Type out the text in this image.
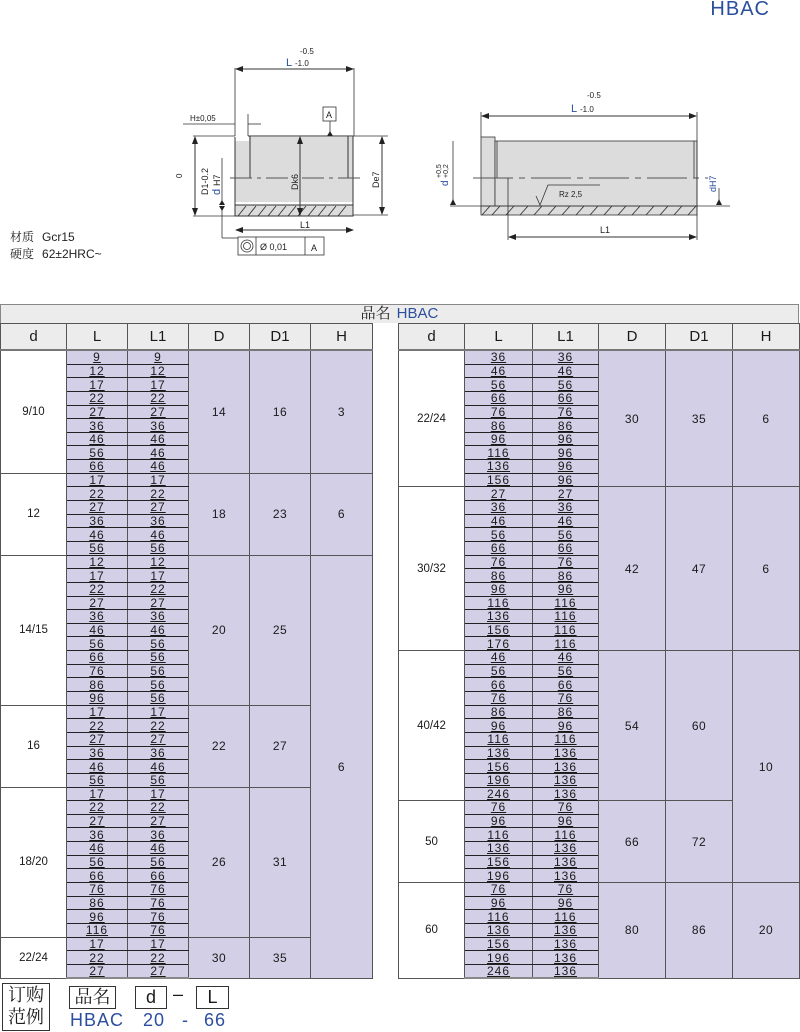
HBAC
材质 Gcr15
硬度 62±2HRC~
L -1.0
-0.5
H±0,05	A
0 D1-0.2 d
H7	Dk6	De7
L1
Ø 0,01	A
L -1.0
-0.5
d
+0,5 +0,2
dH7
Rz 2,5
L1
品名 HBAC
d	L	L1	D	D1	H
9/10	9	9	14	16	3
	12	12			
	17	17			
	22	22			
	27	27			
	36	36			
	46	46			
	56	46			
	66	46			
12	17	17	18	23	6
	22	22			
	27	27			
	36	36			
	46	46			
	56	56			
14/15	12	12	20	25	6
	17	17			
	22	22			
	27	27			
	36	36			
	46	46			
	56	56			
	66	56			
	76	56			
	86	56			
	96	56			
16	17	17	22	27	
	22	22			
	27	27			
	36	36			
	46	46			
	56	56			
18/20	17	17	26	31	
	22	22			
	27	27			
	36	36			
	46	46			
	56	56			
	66	66			
	76	76			
	86	76			
	96	76			
	116	76			
22/24	17	17	30	35	
	22	22			
	27	27			
d	L	L1	D	D1	H
22/24	36	36	30	35	6
	46	46			
	56	56			
	66	66			
	76	76			
	86	86			
	96	96			
	116	96			
	136	96			
	156	96			
30/32	27	27	42	47	6
	36	36			
	46	46			
	56	56			
	66	66			
	76	76			
	86	86			
	96	96			
	116	116			
	136	116			
	156	116			
	176	116			
40/42	46	46	54	60	10
	56	56			
	66	66			
	76	76			
	86	86			
	96	96			
	116	116			
	136	136			
	156	136			
	196	136			
	246	136			
50	76	76	66	72	
	96	96			
	116	116			
	136	136			
	156	136			
	196	136			
60	76	76	80	86	20
	96	96			
	116	116			
	136	136			
	156	136			
	196	136			
	246	136			
订购
范例
品名	d –	L
HBAC 20 - 66
